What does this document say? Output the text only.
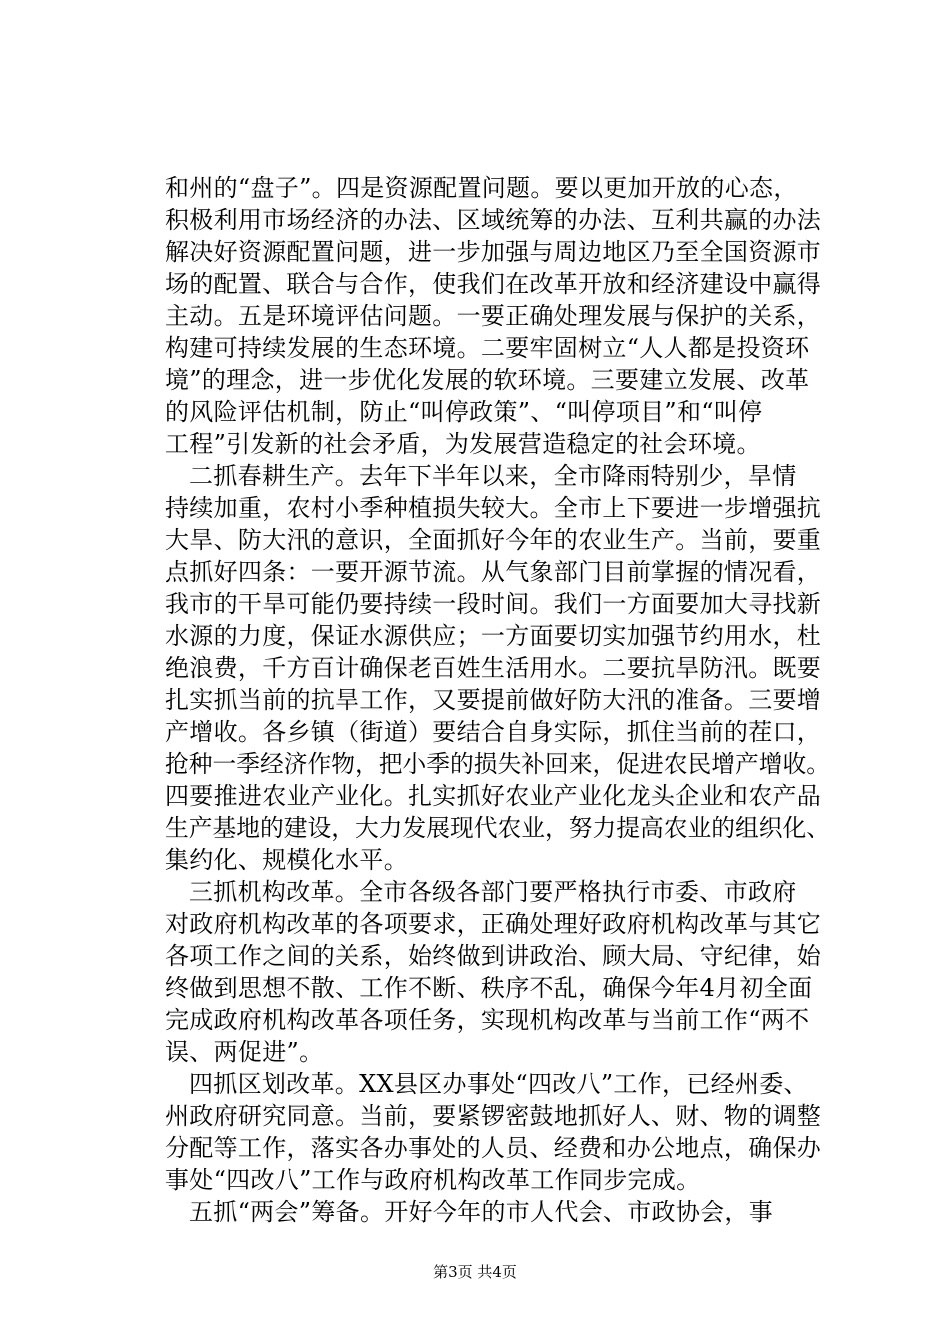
和州的“盘子”。四是资源配置问题。要以更加开放的心态，
积极利用市场经济的办法、区域统筹的办法、互利共赢的办法
解决好资源配置问题，进一步加强与周边地区乃至全国资源市
场的配置、联合与合作，使我们在改革开放和经济建设中赢得
主动。五是环境评估问题。一要正确处理发展与保护的关系，
构建可持续发展的生态环境。二要牢固树立“人人都是投资环
境”的理念，进一步优化发展的软环境。三要建立发展、改革
的风险评估机制，防止“叫停政策”、“叫停项目”和“叫停
工程”引发新的社会矛盾，为发展营造稳定的社会环境。
二抓春耕生产。去年下半年以来，全市降雨特别少，旱情
持续加重，农村小季种植损失较大。全市上下要进一步增强抗
大旱、防大汛的意识，全面抓好今年的农业生产。当前，要重
点抓好四条：一要开源节流。从气象部门目前掌握的情况看，
我市的干旱可能仍要持续一段时间。我们一方面要加大寻找新
水源的力度，保证水源供应；一方面要切实加强节约用水，杜
绝浪费，千方百计确保老百姓生活用水。二要抗旱防汛。既要
扎实抓当前的抗旱工作，又要提前做好防大汛的准备。三要增
产增收。各乡镇（街道）要结合自身实际，抓住当前的茬口，
抢种一季经济作物，把小季的损失补回来，促进农民增产增收。
四要推进农业产业化。扎实抓好农业产业化龙头企业和农产品
生产基地的建设，大力发展现代农业，努力提高农业的组织化、
集约化、规模化水平。
三抓机构改革。全市各级各部门要严格执行市委、市政府
对政府机构改革的各项要求，正确处理好政府机构改革与其它
各项工作之间的关系，始终做到讲政治、顾大局、守纪律，始
终做到思想不散、工作不断、秩序不乱，确保今年4月初全面
完成政府机构改革各项任务，实现机构改革与当前工作“两不
误、两促进”。
四抓区划改革。XX县区办事处“四改八”工作，已经州委、
州政府研究同意。当前，要紧锣密鼓地抓好人、财、物的调整
分配等工作，落实各办事处的人员、经费和办公地点，确保办
事处“四改八”工作与政府机构改革工作同步完成。
五抓“两会”筹备。开好今年的市人代会、市政协会，事
第3页 共4页
